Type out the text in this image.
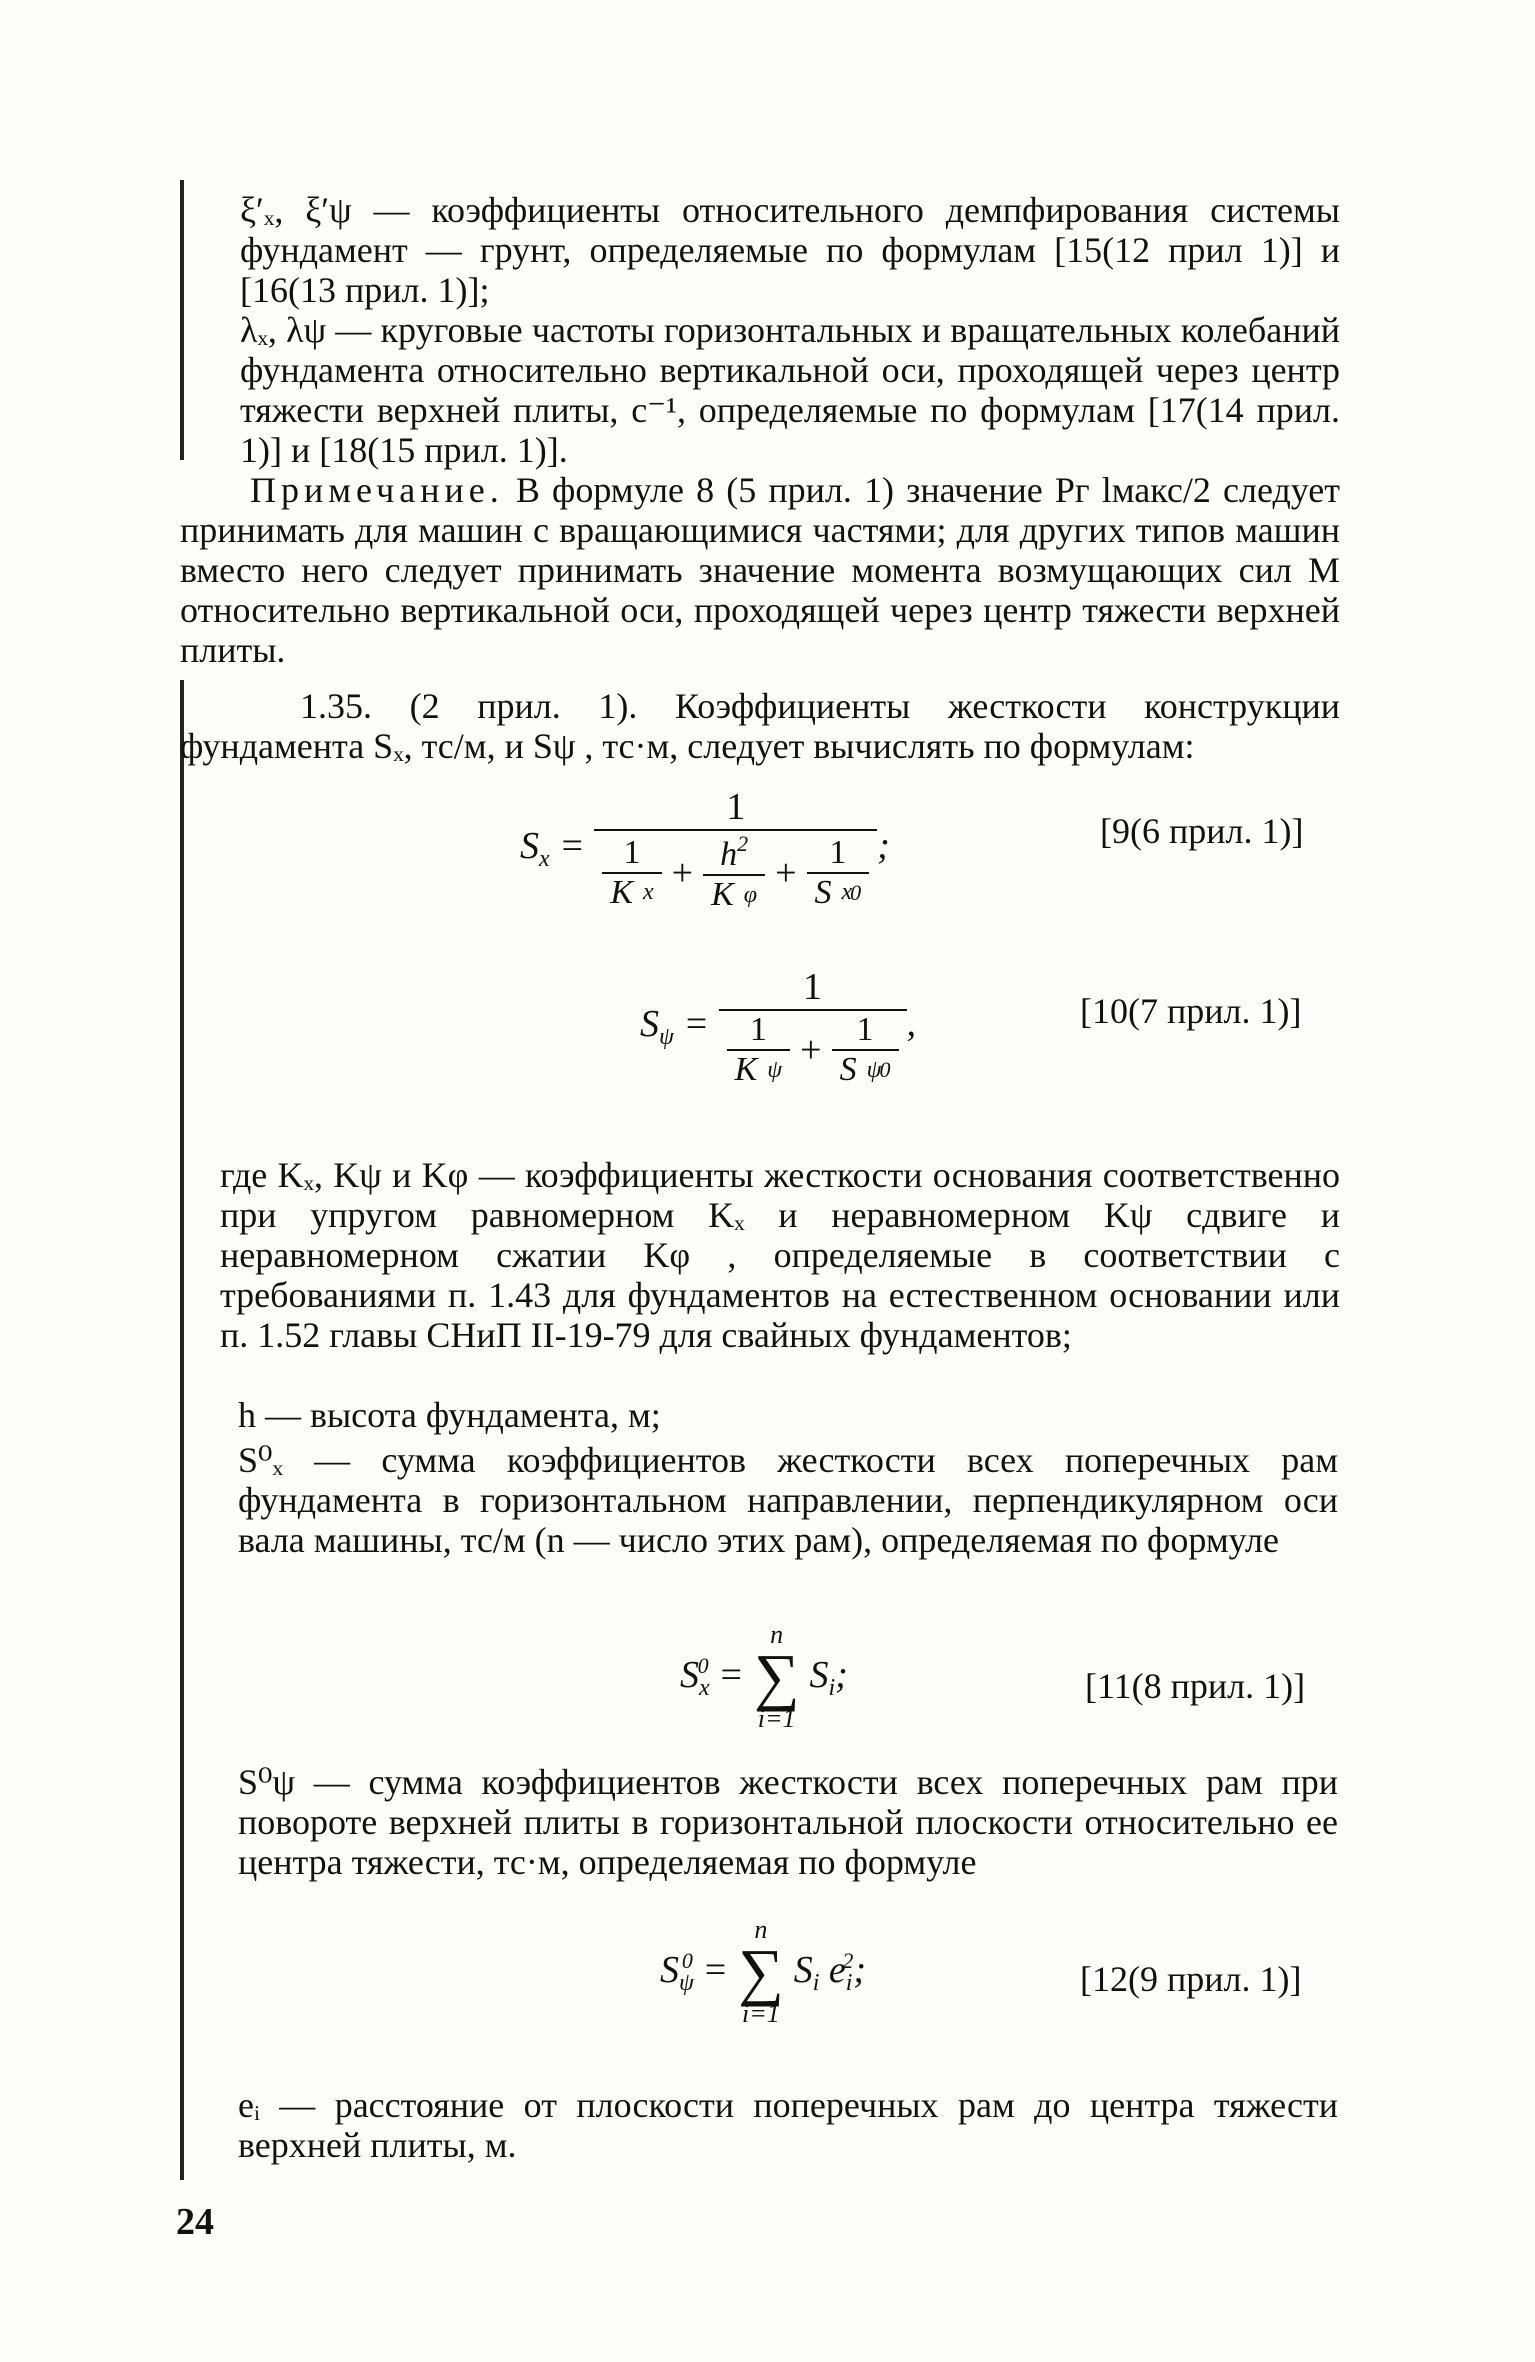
ξ′ₓ, ξ′ψ — коэффициенты относительного демпфирования системы фундамент — грунт, определяемые по формулам [15(12 прил 1)] и [16(13 прил. 1)];

λₓ, λψ — круговые частоты горизонтальных и вращательных колебаний фундамента относительно вертикальной оси, проходящей через центр тяжести верхней плиты, с⁻¹, определяемые по формулам [17(14 прил. 1)] и [18(15 прил. 1)].

Примечание. В формуле 8 (5 прил. 1) значение Pг lмакс/2 следует принимать для машин с вращающимися частями; для других типов машин вместо него следует принимать значение момента возмущающих сил M относительно вертикальной оси, проходящей через центр тяжести верхней плиты.

1.35. (2 прил. 1). Коэффициенты жесткости конструкции фундамента Sₓ, тс/м, и Sψ , тс·м, следует вычислять по формулам:

$S_x = 1$
$\frac{1}{\text{K x}} + \frac{h^2}{\text{K φ}} + 1$
S x
0 ;	[9(6 прил. 1)]
$S_\psi = 1$
$\frac{1}{\text{K ψ}} + 1$
S ψ
0 ,	[10(7 прил. 1)]

где Kₓ, Kψ и Kφ — коэффициенты жесткости основания соответственно при упругом равномерном Kₓ и неравномерном Kψ сдвиге и неравномерном сжатии Kφ , определяемые в соответствии с требованиями п. 1.43 для фундаментов на естественном основании или п. 1.52 главы СНиП II-19-79 для свайных фундаментов;

h — высота фундамента, м;

S⁰ₓ — сумма коэффициентов жесткости всех поперечных рам фундамента в горизонтальном направлении, перпендикулярном оси вала машины, тс/м (n — число этих рам), определяемая по формуле

$S_x^0$ =
n
∑
i=1
$S_i$;	[11(8 прил. 1)]

S⁰ψ — сумма коэффициентов жесткости всех поперечных рам при повороте верхней плиты в горизонтальной плоскости относительно ее центра тяжести, тс·м, определяемая по формуле

$S_\psi^0$ =
n
∑
i=1
$S_i$ $e_i^2$;	[12(9 прил. 1)]

eᵢ — расстояние от плоскости поперечных рам до центра тяжести верхней плиты, м.

24
